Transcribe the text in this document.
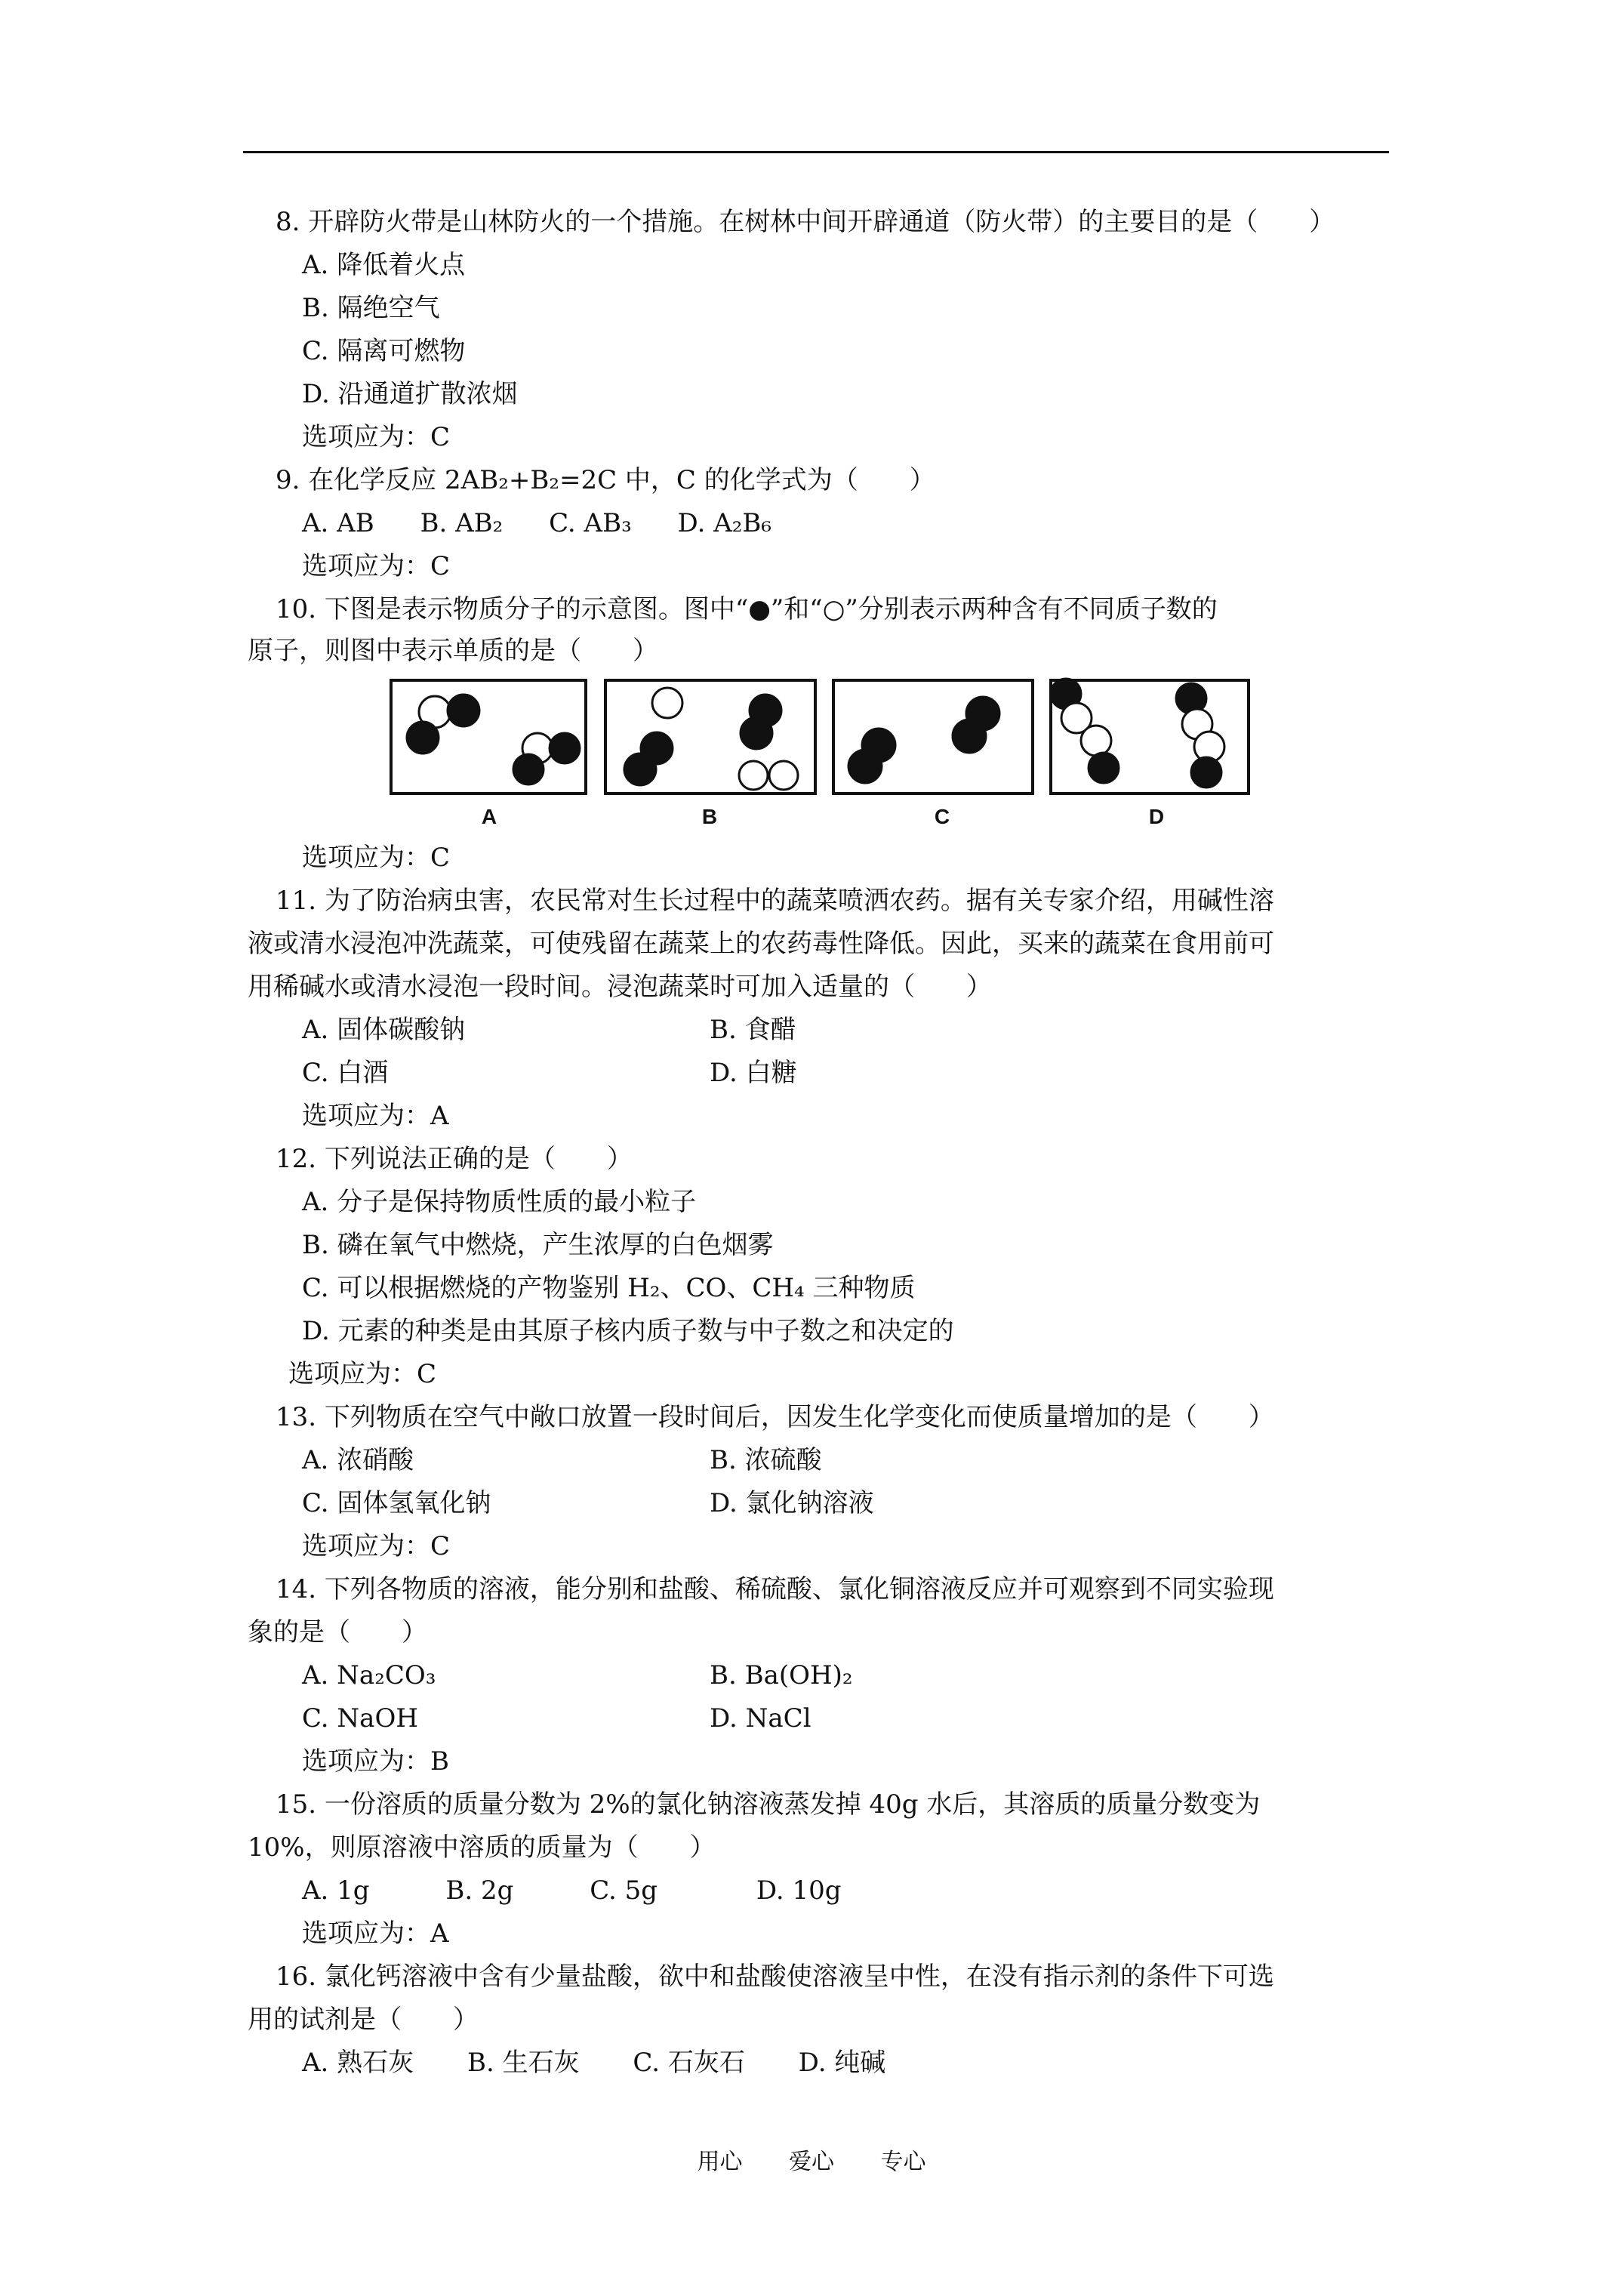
8. 开辟防火带是山林防火的一个措施。在树林中间开辟通道（防火带）的主要目的是（　　）
A. 降低着火点
B. 隔绝空气
C. 隔离可燃物
D. 沿通道扩散浓烟
选项应为：C
9. 在化学反应 2AB₂+B₂=2C 中，C 的化学式为（　　）
A. AB B. AB₂ C. AB₃ D. A₂B₆
选项应为：C
10. 下图是表示物质分子的示意图。图中“●”和“○”分别表示两种含有不同质子数的
原子，则图中表示单质的是（　　）
A	B	C	D
选项应为：C
11. 为了防治病虫害，农民常对生长过程中的蔬菜喷洒农药。据有关专家介绍，用碱性溶
液或清水浸泡冲洗蔬菜，可使残留在蔬菜上的农药毒性降低。因此，买来的蔬菜在食用前可
用稀碱水或清水浸泡一段时间。浸泡蔬菜时可加入适量的（　　）
A. 固体碳酸钠	B. 食醋
C. 白酒	D. 白糖
选项应为：A
12. 下列说法正确的是（　　）
A. 分子是保持物质性质的最小粒子
B. 磷在氧气中燃烧，产生浓厚的白色烟雾
C. 可以根据燃烧的产物鉴别 H₂、CO、CH₄ 三种物质
D. 元素的种类是由其原子核内质子数与中子数之和决定的
选项应为：C
13. 下列物质在空气中敞口放置一段时间后，因发生化学变化而使质量增加的是（　　）
A. 浓硝酸	B. 浓硫酸
C. 固体氢氧化钠	D. 氯化钠溶液
选项应为：C
14. 下列各物质的溶液，能分别和盐酸、稀硫酸、氯化铜溶液反应并可观察到不同实验现
象的是（　　）
A. Na₂CO₃	B. Ba(OH)₂
C. NaOH	D. NaCl
选项应为：B
15. 一份溶质的质量分数为 2%的氯化钠溶液蒸发掉 40g 水后，其溶质的质量分数变为
10%，则原溶液中溶质的质量为（　　）
A. 1g	B. 2g	C. 5g	D. 10g
选项应为：A
16. 氯化钙溶液中含有少量盐酸，欲中和盐酸使溶液呈中性，在没有指示剂的条件下可选
用的试剂是（　　）
A. 熟石灰 B. 生石灰 C. 石灰石 D. 纯碱
用心 爱心 专心
